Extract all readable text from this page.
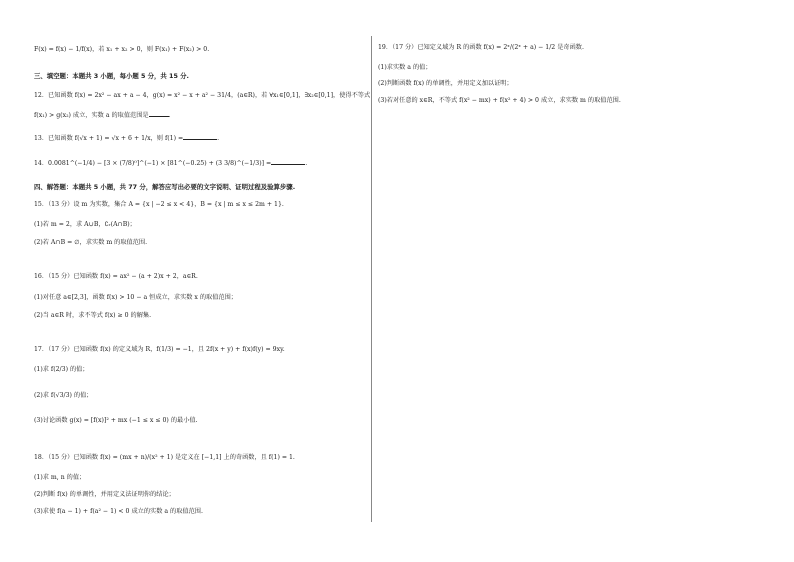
F(x) = f(x) − 1/f(x)，若 x₁ + x₂ > 0，则 F(x₁) + F(x₂) > 0.
三、填空题：本题共 3 小题，每小题 5 分，共 15 分.
12．已知函数 f(x) = 2x² − ax + a − 4，g(x) = x² − x + a² − 31/4，(a∈R)，若 ∀x₁∈[0,1]，∃x₂∈[0,1]，使得不等式
f(x₁) > g(x₂) 成立，实数 a 的取值范围是	.
13．已知函数 f(√x + 1) = √x + 6 + 1/x，则 f(1) =	.
14．0.0081^(−1/4) − [3 × (7/8)⁰]^(−1) × [81^(−0.25) + (3 3/8)^(−1/3)] =	.
四、解答题：本题共 5 小题，共 77 分，解答应写出必要的文字说明、证明过程及验算步骤.
15．（13 分）设 m 为实数，集合 A = {x | −2 ≤ x < 4}，B = {x | m ≤ x ≤ 2m + 1}.
(1)若 m = 2，求 A∪B，∁ᵣ(A∩B)；
(2)若 A∩B = ∅，求实数 m 的取值范围.
16．（15 分）已知函数 f(x) = ax² − (a + 2)x + 2，a∈R.
(1)对任意 a∈[2,3]，函数 f(x) > 10 − a 恒成立，求实数 x 的取值范围；
(2)当 a∈R 时，求不等式 f(x) ≥ 0 的解集.
17．（17 分）已知函数 f(x) 的定义域为 R，f(1/3) = −1，且 2f(x + y) + f(x)f(y) = 9xy.
(1)求 f(2/3) 的值；
(2)求 f(√3/3) 的值；
(3)讨论函数 g(x) = [f(x)]² + mx (−1 ≤ x ≤ 0) 的最小值.
18．（15 分）已知函数 f(x) = (mx + n)/(x² + 1) 是定义在 [−1,1] 上的奇函数，且 f(1) = 1.
(1)求 m, n 的值；
(2)判断 f(x) 的单调性，并用定义法证明你的结论；
(3)求使 f(a − 1) + f(a² − 1) < 0 成立的实数 a 的取值范围.
19．（17 分）已知定义域为 R 的函数 f(x) = 2ˣ/(2ˣ + a) − 1/2 是奇函数.
(1)求实数 a 的值；
(2)判断函数 f(x) 的单调性，并用定义加以证明；
(3)若对任意的 x∈R，不等式 f(x² − mx) + f(x² + 4) > 0 成立，求实数 m 的取值范围.
